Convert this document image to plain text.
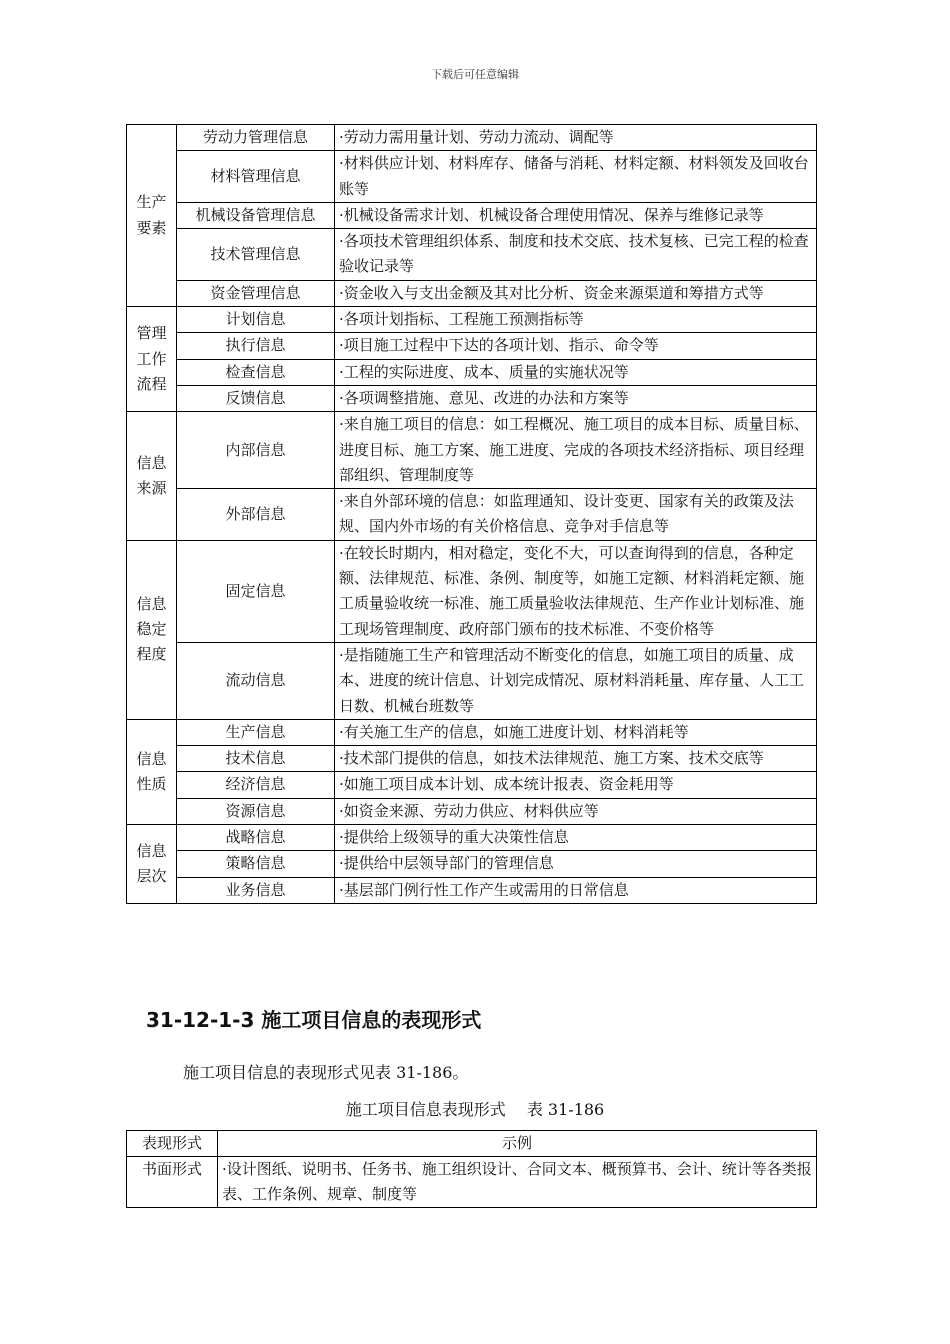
下载后可任意编辑
生产
要素	劳动力管理信息	·劳动力需用量计划、劳动力流动、调配等
	材料管理信息	·材料供应计划、材料库存、储备与消耗、材料定额、材料领发及回收台账等
	机械设备管理信息	·机械设备需求计划、机械设备合理使用情况、保养与维修记录等
	技术管理信息	·各项技术管理组织体系、制度和技术交底、技术复核、已完工程的检查验收记录等
	资金管理信息	·资金收入与支出金额及其对比分析、资金来源渠道和筹措方式等
管理
工作
流程	计划信息	·各项计划指标、工程施工预测指标等
	执行信息	·项目施工过程中下达的各项计划、指示、命令等
	检查信息	·工程的实际进度、成本、质量的实施状况等
	反馈信息	·各项调整措施、意见、改进的办法和方案等
信息
来源	内部信息	·来自施工项目的信息：如工程概况、施工项目的成本目标、质量目标、进度目标、施工方案、施工进度、完成的各项技术经济指标、项目经理部组织、管理制度等
	外部信息	·来自外部环境的信息：如监理通知、设计变更、国家有关的政策及法规、国内外市场的有关价格信息、竞争对手信息等
信息
稳定
程度	固定信息	·在较长时期内，相对稳定，变化不大，可以查询得到的信息，各种定额、法律规范、标准、条例、制度等，如施工定额、材料消耗定额、施工质量验收统一标准、施工质量验收法律规范、生产作业计划标准、施工现场管理制度、政府部门颁布的技术标准、不变价格等
	流动信息	·是指随施工生产和管理活动不断变化的信息，如施工项目的质量、成本、进度的统计信息、计划完成情况、原材料消耗量、库存量、人工工日数、机械台班数等
信息
性质	生产信息	·有关施工生产的信息，如施工进度计划、材料消耗等
	技术信息	·技术部门提供的信息，如技术法律规范、施工方案、技术交底等
	经济信息	·如施工项目成本计划、成本统计报表、资金耗用等
	资源信息	·如资金来源、劳动力供应、材料供应等
信息
层次	战略信息	·提供给上级领导的重大决策性信息
	策略信息	·提供给中层领导部门的管理信息
	业务信息	·基层部门例行性工作产生或需用的日常信息
31-12-1-3 施工项目信息的表现形式

施工项目信息的表现形式见表 31-186。

施工项目信息表现形式　 表 31-186
表现形式	示例
书面形式	·设计图纸、说明书、任务书、施工组织设计、合同文本、概预算书、会计、统计等各类报表、工作条例、规章、制度等
